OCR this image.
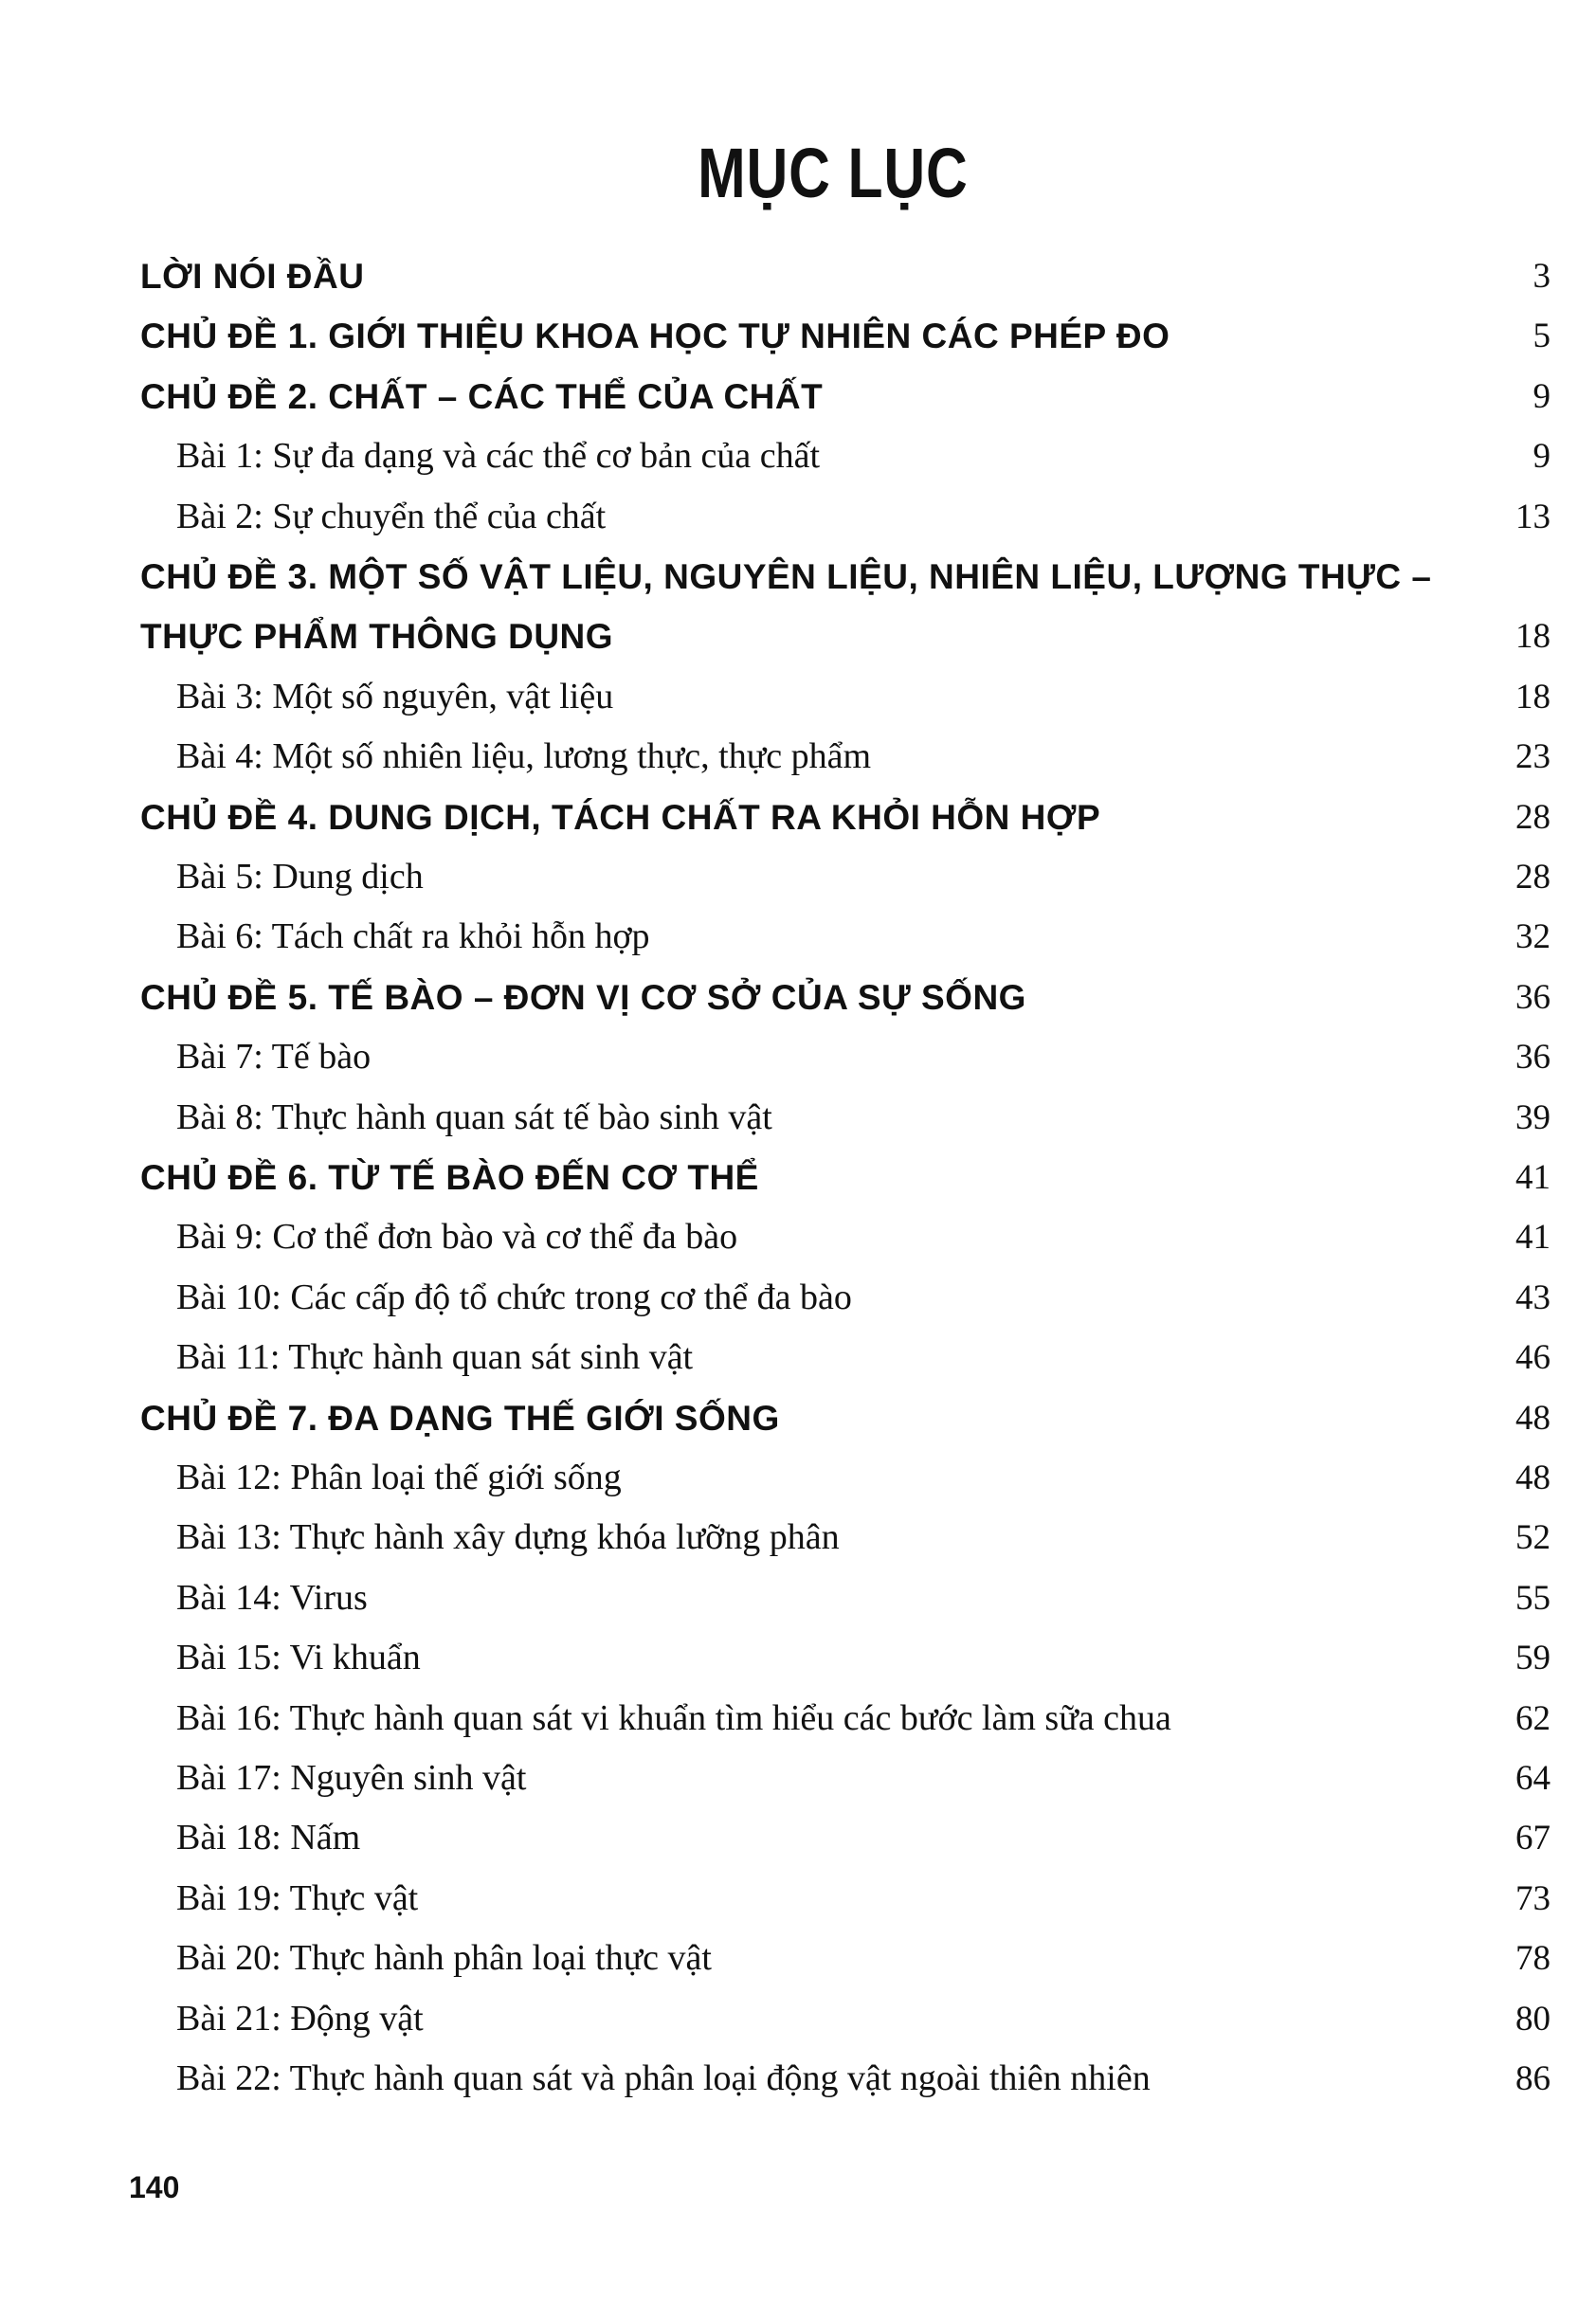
MỤC LỤC
LỜI NÓI ĐẦU	3
CHỦ ĐỀ 1. GIỚI THIỆU KHOA HỌC TỰ NHIÊN CÁC PHÉP ĐO	5
CHỦ ĐỀ 2. CHẤT – CÁC THỂ CỦA CHẤT	9
Bài 1: Sự đa dạng và các thể cơ bản của chất	9
Bài 2: Sự chuyển thể của chất	13
CHỦ ĐỀ 3. MỘT SỐ VẬT LIỆU, NGUYÊN LIỆU, NHIÊN LIỆU, LƯỢNG THỰC –
THỰC PHẨM THÔNG DỤNG	18
Bài 3: Một số nguyên, vật liệu	18
Bài 4: Một số nhiên liệu, lương thực, thực phẩm	23
CHỦ ĐỀ 4. DUNG DỊCH, TÁCH CHẤT RA KHỎI HỖN HỢP	28
Bài 5: Dung dịch	28
Bài 6: Tách chất ra khỏi hỗn hợp	32
CHỦ ĐỀ 5. TẾ BÀO – ĐƠN VỊ CƠ SỞ CỦA SỰ SỐNG	36
Bài 7: Tế bào	36
Bài 8: Thực hành quan sát tế bào sinh vật	39
CHỦ ĐỀ 6. TỪ TẾ BÀO ĐẾN CƠ THỂ	41
Bài 9: Cơ thể đơn bào và cơ thể đa bào	41
Bài 10: Các cấp độ tổ chức trong cơ thể đa bào	43
Bài 11: Thực hành quan sát sinh vật	46
CHỦ ĐỀ 7. ĐA DẠNG THẾ GIỚI SỐNG	48
Bài 12: Phân loại thế giới sống	48
Bài 13: Thực hành xây dựng khóa lưỡng phân	52
Bài 14: Virus	55
Bài 15: Vi khuẩn	59
Bài 16: Thực hành quan sát vi khuẩn tìm hiểu các bước làm sữa chua	62
Bài 17: Nguyên sinh vật	64
Bài 18: Nấm	67
Bài 19: Thực vật	73
Bài 20: Thực hành phân loại thực vật	78
Bài 21: Động vật	80
Bài 22: Thực hành quan sát và phân loại động vật ngoài thiên nhiên	86
140
